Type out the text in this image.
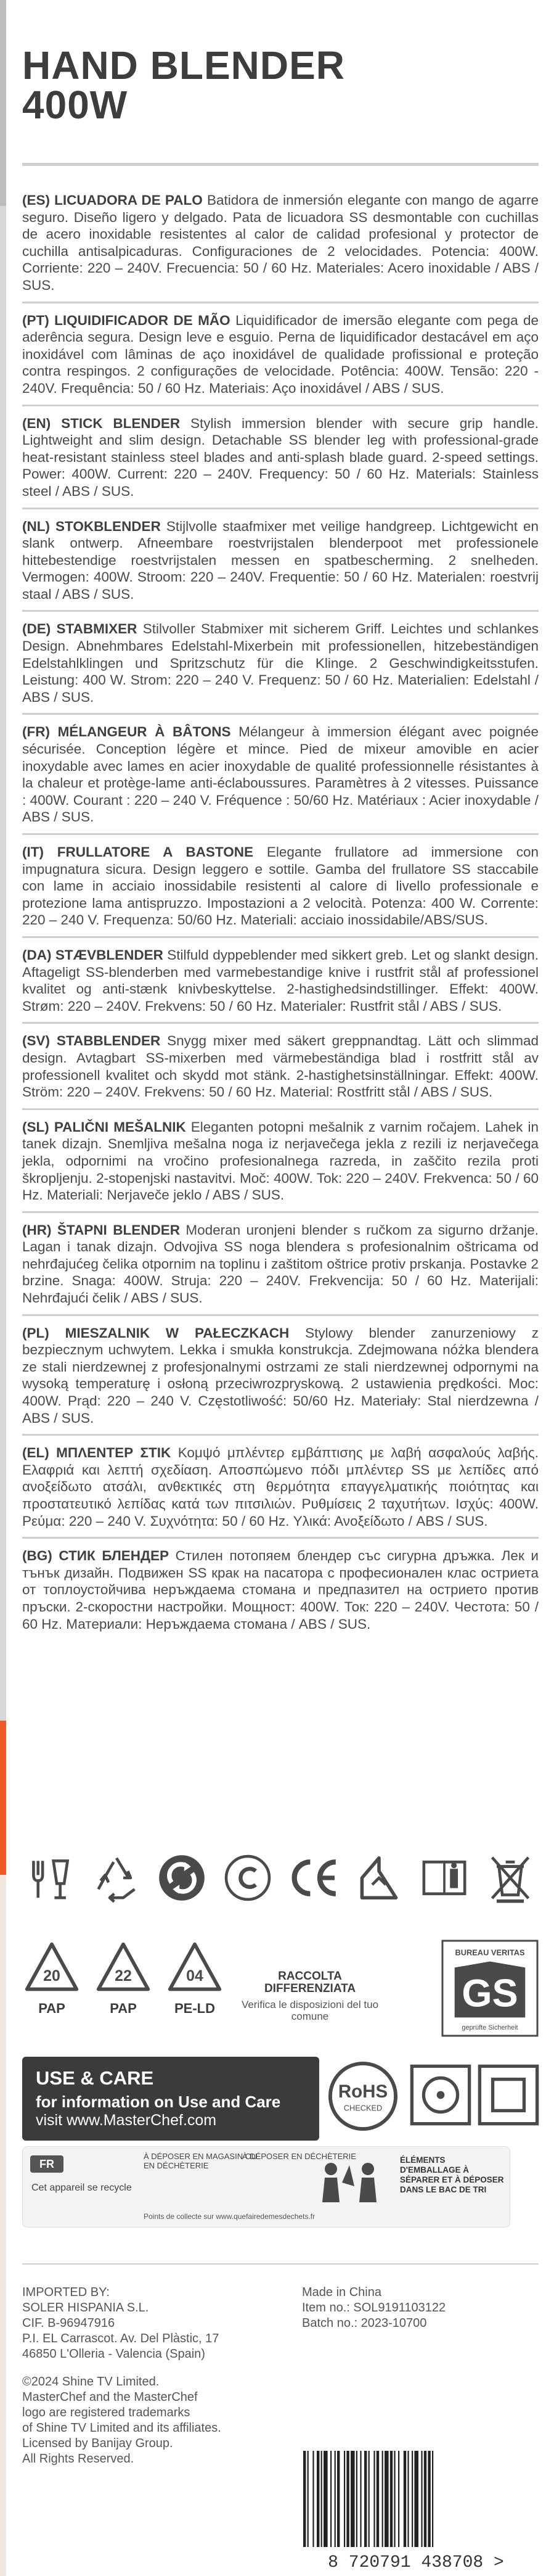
HAND BLENDER
400W

(ES) LICUADORA DE PALO Batidora de inmersión elegante con mango de agarre seguro. Diseño ligero y delgado. Pata de licuadora SS desmontable con cuchillas de acero inoxidable resistentes al calor de calidad profesional y protector de cuchilla antisalpicaduras. Configuraciones de 2 velocidades. Potencia: 400W. Corriente: 220 – 240V. Frecuencia: 50 / 60 Hz. Materiales: Acero inoxidable / ABS / SUS.

(PT) LIQUIDIFICADOR DE MÃO Liquidificador de imersão elegante com pega de aderência segura. Design leve e esguio. Perna de liquidificador destacável em aço inoxidável com lâminas de aço inoxidável de qualidade profissional e proteção contra respingos. 2 configurações de velocidade. Potência: 400W. Tensão: 220 - 240V. Frequência: 50 / 60 Hz. Materiais: Aço inoxidável / ABS / SUS.

(EN) STICK BLENDER Stylish immersion blender with secure grip handle. Lightweight and slim design. Detachable SS blender leg with professional-grade heat-resistant stainless steel blades and anti-splash blade guard. 2-speed settings. Power: 400W. Current: 220 – 240V. Frequency: 50 / 60 Hz. Materials: Stainless steel / ABS / SUS.

(NL) STOKBLENDER Stijlvolle staafmixer met veilige handgreep. Lichtgewicht en slank ontwerp. Afneembare roestvrijstalen blenderpoot met professionele hittebestendige roestvrijstalen messen en spatbescherming. 2 snelheden. Vermogen: 400W. Stroom: 220 – 240V. Frequentie: 50 / 60 Hz. Materialen: roestvrij staal / ABS / SUS.

(DE) STABMIXER Stilvoller Stabmixer mit sicherem Griff. Leichtes und schlankes Design. Abnehmbares Edelstahl-Mixerbein mit professionellen, hitzebeständigen Edelstahlklingen und Spritzschutz für die Klinge. 2 Geschwindigkeitsstufen. Leistung: 400 W. Strom: 220 – 240 V. Frequenz: 50 / 60 Hz. Materialien: Edelstahl / ABS / SUS.

(FR) MÉLANGEUR À BÂTONS Mélangeur à immersion élégant avec poignée sécurisée. Conception légère et mince. Pied de mixeur amovible en acier inoxydable avec lames en acier inoxydable de qualité professionnelle résistantes à la chaleur et protège-lame anti-éclaboussures. Paramètres à 2 vitesses. Puissance : 400W. Courant : 220 – 240 V. Fréquence : 50/60 Hz. Matériaux : Acier inoxydable / ABS / SUS.

(IT) FRULLATORE A BASTONE Elegante frullatore ad immersione con impugnatura sicura. Design leggero e sottile. Gamba del frullatore SS staccabile con lame in acciaio inossidabile resistenti al calore di livello professionale e protezione lama antispruzzo. Impostazioni a 2 velocità. Potenza: 400 W. Corrente: 220 – 240 V. Frequenza: 50/60 Hz. Materiali: acciaio inossidabile/ABS/SUS.

(DA) STÆVBLENDER Stilfuld dyppeblender med sikkert greb. Let og slankt design. Aftageligt SS-blenderben med varmebestandige knive i rustfrit stål af professionel kvalitet og anti-stænk knivbeskyttelse. 2-hastighedsindstillinger. Effekt: 400W. Strøm: 220 – 240V. Frekvens: 50 / 60 Hz. Materialer: Rustfrit stål / ABS / SUS.

(SV) STABBLENDER Snygg mixer med säkert greppnandtag. Lätt och slimmad design. Avtagbart SS-mixerben med värmebeständiga blad i rostfritt stål av professionell kvalitet och skydd mot stänk. 2-hastighetsinställningar. Effekt: 400W. Ström: 220 – 240V. Frekvens: 50 / 60 Hz. Material: Rostfritt stål / ABS / SUS.

(SL) PALIČNI MEŠALNIK Eleganten potopni mešalnik z varnim ročajem. Lahek in tanek dizajn. Snemljiva mešalna noga iz nerjavečega jekla z rezili iz nerjavečega jekla, odpornimi na vročino profesionalnega razreda, in zaščito rezila proti škropljenju. 2-stopenjski nastavitvi. Moč: 400W. Tok: 220 – 240V. Frekvenca: 50 / 60 Hz. Materiali: Nerjaveče jeklo / ABS / SUS.

(HR) ŠTAPNI BLENDER Moderan uronjeni blender s ručkom za sigurno držanje. Lagan i tanak dizajn. Odvojiva SS noga blendera s profesionalnim oštricama od nehrđajućeg čelika otpornim na toplinu i zaštitom oštrice protiv prskanja. Postavke 2 brzine. Snaga: 400W. Struja: 220 – 240V. Frekvencija: 50 / 60 Hz. Materijali: Nehrđajući čelik / ABS / SUS.

(PL) MIESZALNIK W PAŁECZKACH Stylowy blender zanurzeniowy z bezpiecznym uchwytem. Lekka i smukła konstrukcja. Zdejmowana nóżka blendera ze stali nierdzewnej z profesjonalnymi ostrzami ze stali nierdzewnej odpornymi na wysoką temperaturę i osłoną przeciwrozpryskową. 2 ustawienia prędkości. Moc: 400W. Prąd: 220 – 240 V. Częstotliwość: 50/60 Hz. Materiały: Stal nierdzewna / ABS / SUS.

(EL) ΜΠΛΕΝΤΕΡ ΣΤΙΚ Κομψό μπλέντερ εμβάπτισης με λαβή ασφαλούς λαβής. Ελαφριά και λεπτή σχεδίαση. Αποσπώμενο πόδι μπλέντερ SS με λεπίδες από ανοξείδωτο ατσάλι, ανθεκτικές στη θερμότητα επαγγελματικής ποιότητας και προστατευτικό λεπίδας κατά των πιτσιλιών. Ρυθμίσεις 2 ταχυτήτων. Ισχύς: 400W. Ρεύμα: 220 – 240 V. Συχνότητα: 50 / 60 Hz. Υλικά: Ανοξείδωτο / ABS / SUS.

(BG) СТИК БЛЕНДЕР Стилен потопяем блендер със сигурна дръжка. Лек и тънък дизайн. Подвижен SS крак на пасатора с професионален клас остриета от топлоустойчива неръждаема стомана и предпазител на острието против пръски. 2-скоростни настройки. Мощност: 400W. Ток: 220 – 240V. Честота: 50 / 60 Hz. Материали: Неръждаема стомана / ABS / SUS.

20
PAP
22
PAP
04
PE-LD
RACCOLTA DIFFERENZIATA
Verifica le disposizioni del tuo comune
BUREAU VERITAS
GS
geprüfte Sicherheit
USE & CARE
for information on Use and Care
visit www.MasterChef.com
RoHS
CHECKED
FR
Cet appareil se recycle
À DÉPOSER EN MAGASIN OU EN DÉCHÈTERIE
À DÉPOSER EN DÉCHÈTERIE
Points de collecte sur www.quefairedemesdechets.fr
ÉLÉMENTS D'EMBALLAGE À SÉPARER ET À DÉPOSER DANS LE BAC DE TRI
IMPORTED BY:
SOLER HISPANIA S.L.
CIF. B-96947916
P.I. EL Carrascot. Av. Del Plàstic, 17
46850 L'Olleria - Valencia (Spain)
Made in China
Item no.: SOL9191103122
Batch no.: 2023-10700
©2024 Shine TV Limited.
MasterChef and the MasterChef
logo are registered trademarks
of Shine TV Limited and its affiliates.
Licensed by Banijay Group.
All Rights Reserved.
8 720791 438708 >
